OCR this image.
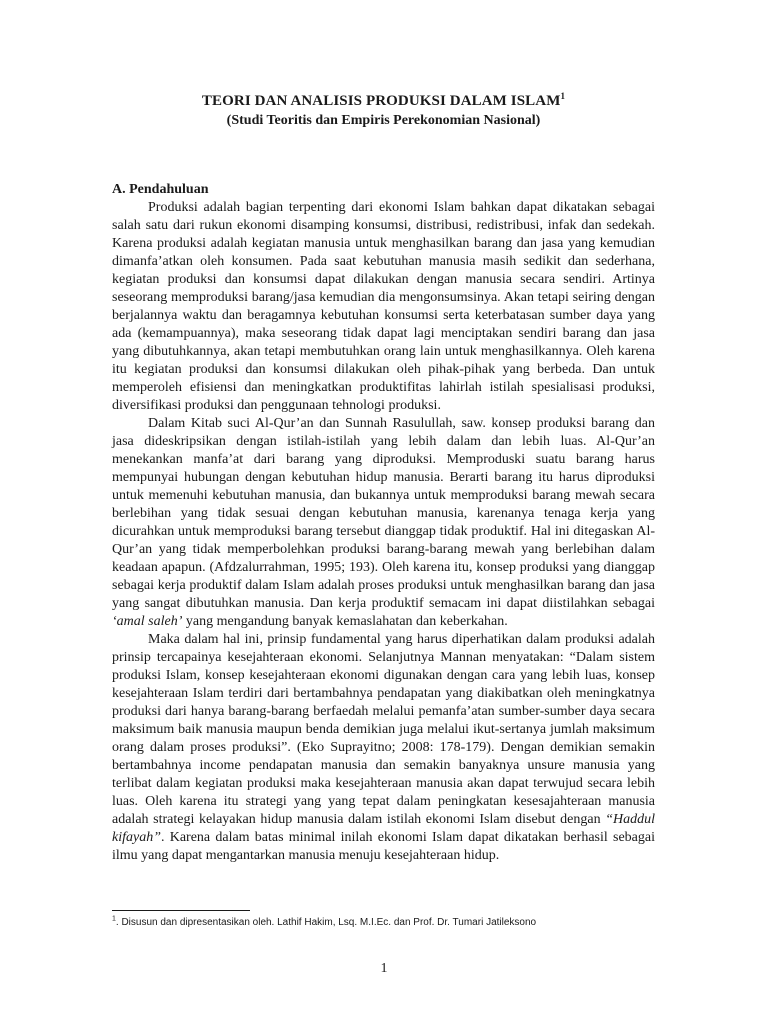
TEORI DAN ANALISIS PRODUKSI DALAM ISLAM$^1$

(Studi Teoritis dan Empiris Perekonomian Nasional)

A. Pendahuluan

Produksi adalah bagian terpenting dari ekonomi Islam bahkan dapat dikatakan sebagai salah satu dari rukun ekonomi disamping konsumsi, distribusi, redistribusi, infak dan sedekah. Karena produksi adalah kegiatan manusia untuk menghasilkan barang dan jasa yang kemudian dimanfa’atkan oleh konsumen. Pada saat kebutuhan manusia masih sedikit dan sederhana, kegiatan produksi dan konsumsi dapat dilakukan dengan manusia secara sendiri. Artinya seseorang memproduksi barang/jasa kemudian dia mengonsumsinya. Akan tetapi seiring dengan berjalannya waktu dan beragamnya kebutuhan konsumsi serta keterbatasan sumber daya yang ada (kemampuannya), maka seseorang tidak dapat lagi menciptakan sendiri barang dan jasa yang dibutuhkannya, akan tetapi membutuhkan orang lain untuk menghasilkannya. Oleh karena itu kegiatan produksi dan konsumsi dilakukan oleh pihak-pihak yang berbeda. Dan untuk memperoleh efisiensi dan meningkatkan produktifitas lahirlah istilah spesialisasi produksi, diversifikasi produksi dan penggunaan tehnologi produksi.

Dalam Kitab suci Al-Qur’an dan Sunnah Rasulullah, saw. konsep produksi barang dan jasa dideskripsikan dengan istilah-istilah yang lebih dalam dan lebih luas. Al-Qur’an menekankan manfa’at dari barang yang diproduksi. Memproduski suatu barang harus mempunyai hubungan dengan kebutuhan hidup manusia. Berarti barang itu harus diproduksi untuk memenuhi kebutuhan manusia, dan bukannya untuk memproduksi barang mewah secara berlebihan yang tidak sesuai dengan kebutuhan manusia, karenanya tenaga kerja yang dicurahkan untuk memproduksi barang tersebut dianggap tidak produktif. Hal ini ditegaskan Al-Qur’an yang tidak memperbolehkan produksi barang-barang mewah yang berlebihan dalam keadaan apapun. (Afdzalurrahman, 1995; 193). Oleh karena itu, konsep produksi yang dianggap sebagai kerja produktif dalam Islam adalah proses produksi untuk menghasilkan barang dan jasa yang sangat dibutuhkan manusia. Dan kerja produktif semacam ini dapat diistilahkan sebagai ‘amal saleh’ yang mengandung banyak kemaslahatan dan keberkahan.

Maka dalam hal ini, prinsip fundamental yang harus diperhatikan dalam produksi adalah prinsip tercapainya kesejahteraan ekonomi. Selanjutnya Mannan menyatakan: “Dalam sistem produksi Islam, konsep kesejahteraan ekonomi digunakan dengan cara yang lebih luas, konsep kesejahteraan Islam terdiri dari bertambahnya pendapatan yang diakibatkan oleh meningkatnya produksi dari hanya barang-barang berfaedah melalui pemanfa’atan sumber-sumber daya secara maksimum baik manusia maupun benda demikian juga melalui ikut-sertanya jumlah maksimum orang dalam proses produksi”. (Eko Suprayitno; 2008: 178-179). Dengan demikian semakin bertambahnya income pendapatan manusia dan semakin banyaknya unsure manusia yang terlibat dalam kegiatan produksi maka kesejahteraan manusia akan dapat terwujud secara lebih luas. Oleh karena itu strategi yang yang tepat dalam peningkatan kesesajahteraan manusia adalah strategi kelayakan hidup manusia dalam istilah ekonomi Islam disebut dengan “Haddul kifayah”. Karena dalam batas minimal inilah ekonomi Islam dapat dikatakan berhasil sebagai ilmu yang dapat mengantarkan manusia menuju kesejahteraan hidup.

$^1$. Disusun dan dipresentasikan oleh. Lathif Hakim, Lsq. M.I.Ec. dan Prof. Dr. Tumari Jatileksono

1
